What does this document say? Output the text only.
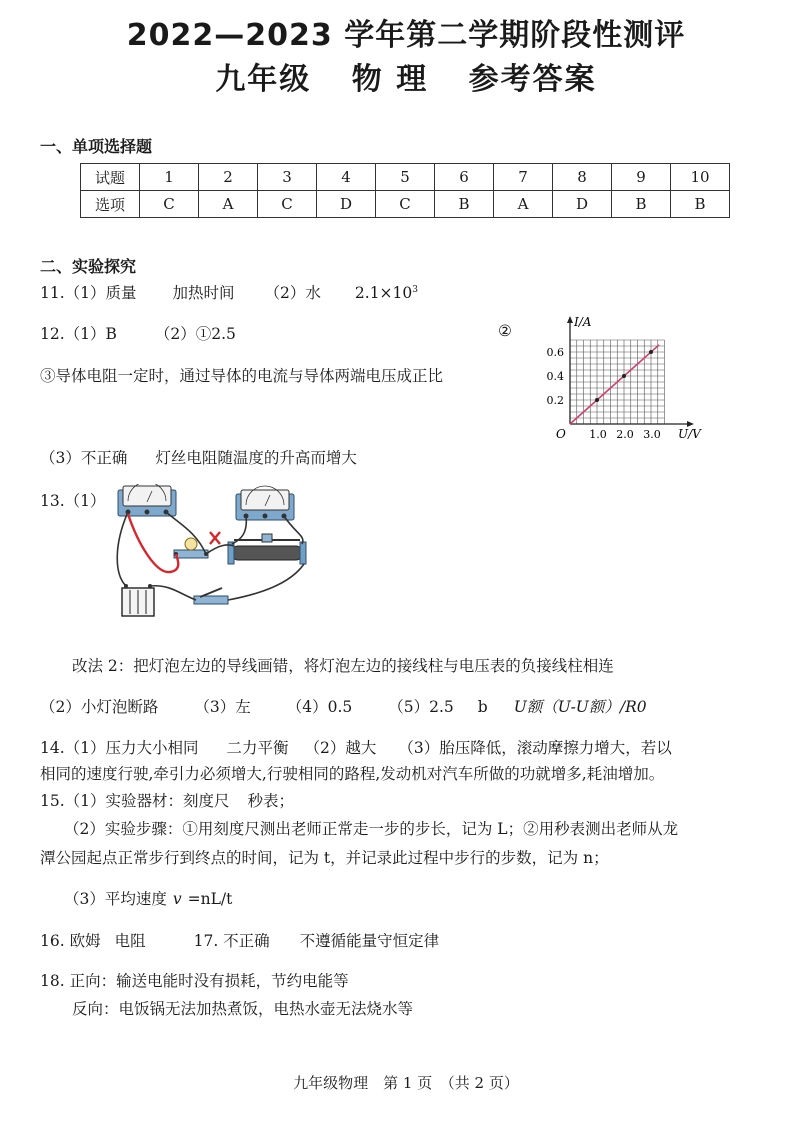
2022—2023 学年第二学期阶段性测评
九年级 物 理 参考答案
一、单项选择题
试题	1	2	3	4	5	6	7	8	9	10
选项	C	A	C	D	C	B	A	D	B	B
二、实验探究
11.（1）质量 加热时间 （2）水 $2.1\times 10^3$
12.（1）B （2）①2.5	②
③导体电阻一定时，通过导体的电流与导体两端电压成正比
（3）不正确 灯丝电阻随温度的升高而增大
I/A
U/V
O
0.2
0.4
0.6
1.0 2.0 3.0
13.（1）
改法 2：把灯泡左边的导线画错，将灯泡左边的接线柱与电压表的负接线柱相连
（2）小灯泡断路 （3）左 （4）0.5 （5）2.5 b U额（U-U额）/R0
14.（1）压力大小相同 二力平衡 （2）越大 （3）胎压降低，滚动摩擦力增大，若以
相同的速度行驶,牵引力必须增大,行驶相同的路程,发动机对汽车所做的功就增多,耗油增加。
15.（1）实验器材：刻度尺 秒表；
（2）实验步骤：①用刻度尺测出老师正常走一步的步长，记为 L；②用秒表测出老师从龙
潭公园起点正常步行到终点的时间，记为 t，并记录此过程中步行的步数，记为 n；
（3）平均速度 v =nL/t
16. 欧姆 电阻	17. 不正确 不遵循能量守恒定律
18. 正向：输送电能时没有损耗，节约电能等
反向：电饭锅无法加热煮饭，电热水壶无法烧水等
九年级物理　第 1 页　（共 2 页）
